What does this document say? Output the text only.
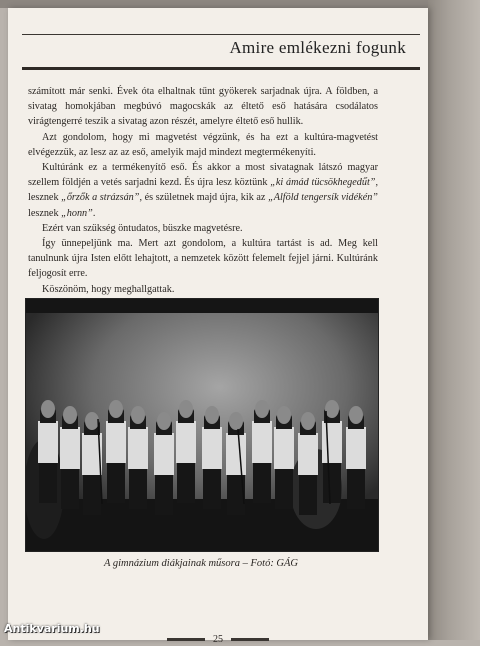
Amire emlékezni fogunk

számított már senki. Évek óta elhaltnak tűnt gyökerek sarjadnak újra. A földben, a sivatag homokjában megbúvó magocskák az éltető eső hatására csodálatos virágtengerré teszik a sivatag azon részét, amelyre éltető eső hullik.

Azt gondolom, hogy mi magvetést végzünk, és ha ezt a kultúra-magvetést elvégezzük, az lesz az az eső, amelyik majd mindezt megtermékenyíti.

Kultúránk ez a termékenyítő eső. És akkor a most sivatagnak látszó magyar szellem földjén a vetés sarjadni kezd. És újra lesz köztünk „ki ámád tücsökhegedűt”, lesznek „őrzők a strázsán”, és születnek majd újra, kik az „Alföld tengersík vidékén” lesznek „honn”.

Ezért van szükség öntudatos, büszke magvetésre.

Így ünnepeljünk ma. Mert azt gondolom, a kultúra tartást is ad. Meg kell tanulnunk újra Isten előtt lehajtott, a nemzetek között felemelt fejjel járni. Kultúránk feljogosít erre.

Köszönöm, hogy meghallgattak.

A gimnázium diákjainak műsora – Fotó: GÁG
25
Antikvarium.hu
